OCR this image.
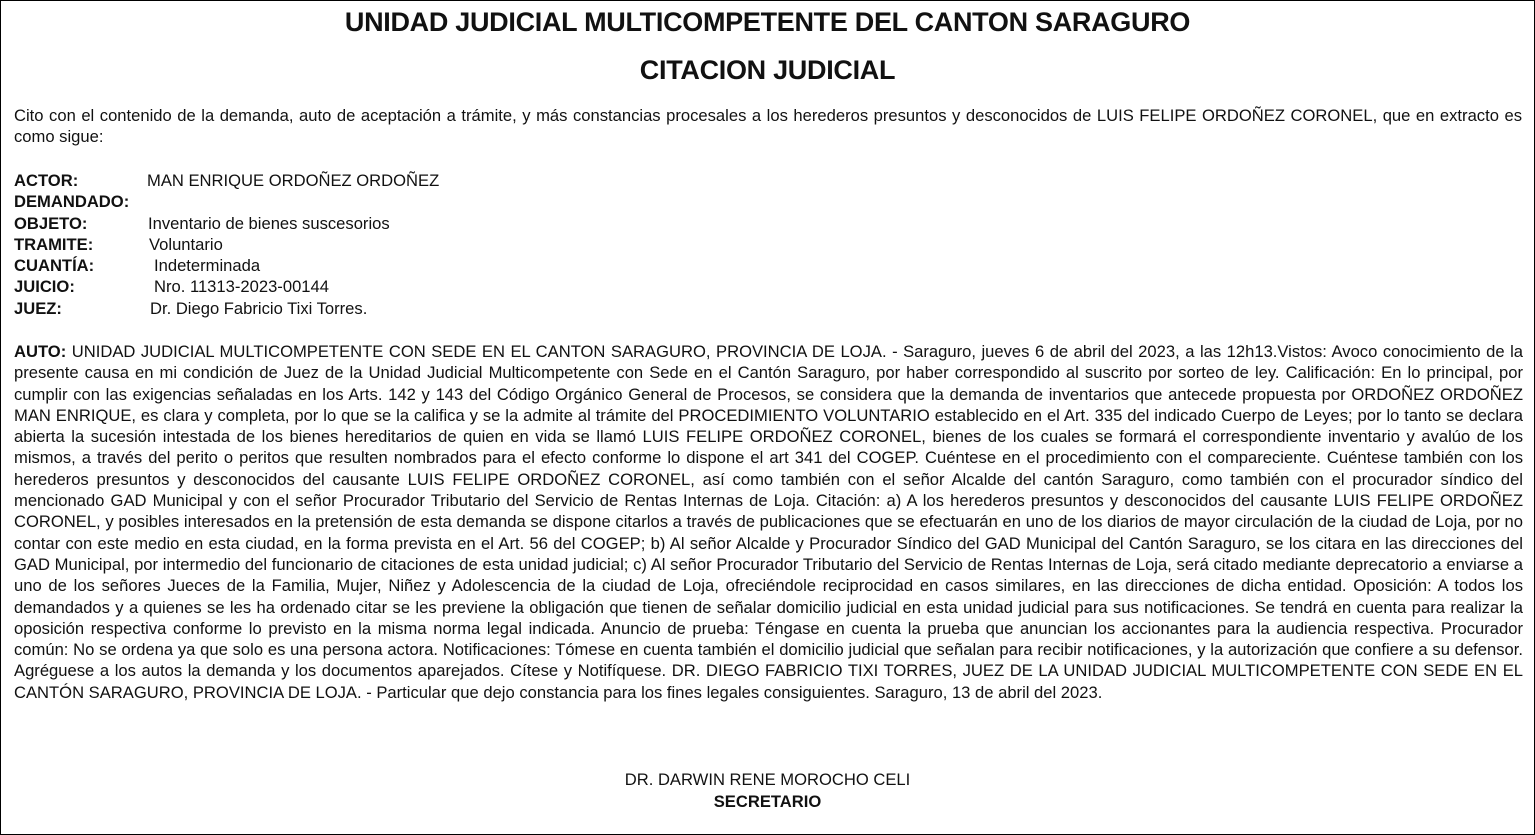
UNIDAD JUDICIAL MULTICOMPETENTE DEL CANTON SARAGURO
CITACION JUDICIAL
Cito con el contenido de la demanda, auto de aceptación a trámite, y más constancias procesales a los herederos presuntos y desconocidos de LUIS FELIPE ORDOÑEZ CORONEL, que en extracto es como sigue:
ACTOR:	MAN ENRIQUE ORDOÑEZ ORDOÑEZ
DEMANDADO:
OBJETO:	Inventario de bienes suscesorios
TRAMITE:	Voluntario
CUANTÍA:	Indeterminada
JUICIO:	Nro. 11313-2023-00144
JUEZ:	Dr. Diego Fabricio Tixi Torres.
AUTO: UNIDAD JUDICIAL MULTICOMPETENTE CON SEDE EN EL CANTON SARAGURO, PROVINCIA DE LOJA. - Saraguro, jueves 6 de abril del 2023, a las 12h13.Vistos: Avoco conocimiento de la presente causa en mi condición de Juez de la Unidad Judicial Multicompetente con Sede en el Cantón Saraguro, por haber correspondido al suscrito por sorteo de ley. Calificación: En lo principal, por cumplir con las exigencias señaladas en los Arts. 142 y 143 del Código Orgánico General de Procesos, se considera que la demanda de inventarios que antecede propuesta por ORDOÑEZ ORDOÑEZ MAN ENRIQUE, es clara y completa, por lo que se la califica y se la admite al trámite del PROCEDIMIENTO VOLUNTARIO establecido en el Art. 335 del indicado Cuerpo de Leyes; por lo tanto se declara abierta la sucesión intestada de los bienes hereditarios de quien en vida se llamó LUIS FELIPE ORDOÑEZ CORONEL, bienes de los cuales se formará el correspondiente inventario y avalúo de los mismos, a través del perito o peritos que resulten nombrados para el efecto conforme lo dispone el art 341 del COGEP. Cuéntese en el procedimiento con el compareciente. Cuéntese también con los herederos presuntos y desconocidos del causante LUIS FELIPE ORDOÑEZ CORONEL, así como también con el señor Alcalde del cantón Saraguro, como también con el procurador síndico del mencionado GAD Municipal y con el señor Procurador Tributario del Servicio de Rentas Internas de Loja. Citación: a) A los herederos presuntos y desconocidos del causante LUIS FELIPE ORDOÑEZ CORONEL, y posibles interesados en la pretensión de esta demanda se dispone citarlos a través de publicaciones que se efectuarán en uno de los diarios de mayor circulación de la ciudad de Loja, por no contar con este medio en esta ciudad, en la forma prevista en el Art. 56 del COGEP; b) Al señor Alcalde y Procurador Síndico del GAD Municipal del Cantón Saraguro, se los citara en las direcciones del GAD Municipal, por intermedio del funcionario de citaciones de esta unidad judicial; c) Al señor Procurador Tributario del Servicio de Rentas Internas de Loja, será citado mediante deprecatorio a enviarse a uno de los señores Jueces de la Familia, Mujer, Niñez y Adolescencia de la ciudad de Loja, ofreciéndole reciprocidad en casos similares, en las direcciones de dicha entidad. Oposición: A todos los demandados y a quienes se les ha ordenado citar se les previene la obligación que tienen de señalar domicilio judicial en esta unidad judicial para sus notificaciones. Se tendrá en cuenta para realizar la oposición respectiva conforme lo previsto en la misma norma legal indicada. Anuncio de prueba: Téngase en cuenta la prueba que anuncian los accionantes para la audiencia respectiva. Procurador común: No se ordena ya que solo es una persona actora. Notificaciones: Tómese en cuenta también el domicilio judicial que señalan para recibir notificaciones, y la autorización que confiere a su defensor. Agréguese a los autos la demanda y los documentos aparejados. Cítese y Notifíquese. DR. DIEGO FABRICIO TIXI TORRES, JUEZ DE LA UNIDAD JUDICIAL MULTICOMPETENTE CON SEDE EN EL CANTÓN SARAGURO, PROVINCIA DE LOJA. - Particular que dejo constancia para los fines legales consiguientes. Saraguro, 13 de abril del 2023.
DR. DARWIN RENE MOROCHO CELI
SECRETARIO
